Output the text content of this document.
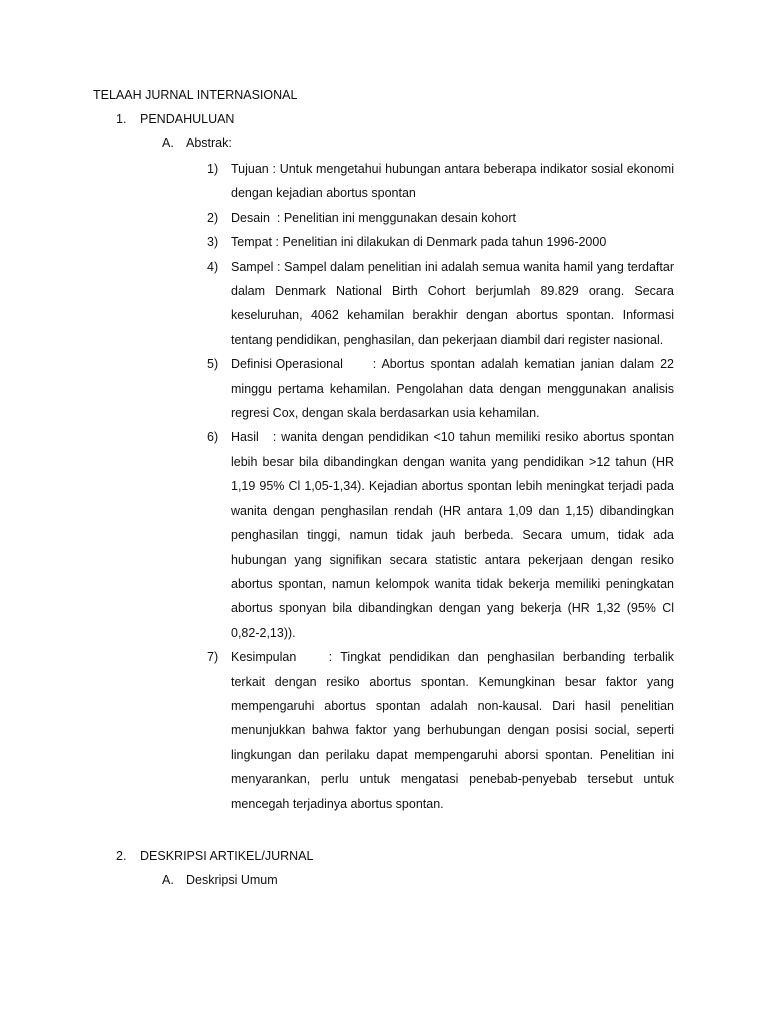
TELAAH JURNAL INTERNASIONAL
1. PENDAHULUAN
A. Abstrak:
1)	Tujuan : Untuk mengetahui hubungan antara beberapa indikator sosial ekonomi dengan kejadian abortus spontan
2)	Desain : Penelitian ini menggunakan desain kohort
3)	Tempat : Penelitian ini dilakukan di Denmark pada tahun 1996-2000
4)	Sampel : Sampel dalam penelitian ini adalah semua wanita hamil yang terdaftar dalam Denmark National Birth Cohort berjumlah 89.829 orang. Secara keseluruhan, 4062 kehamilan berakhir dengan abortus spontan. Informasi tentang pendidikan, penghasilan, dan pekerjaan diambil dari register nasional.
5)	Definisi Operasional : Abortus spontan adalah kematian janian dalam 22 minggu pertama kehamilan. Pengolahan data dengan menggunakan analisis regresi Cox, dengan skala berdasarkan usia kehamilan.
6)	Hasil : wanita dengan pendidikan <10 tahun memiliki resiko abortus spontan lebih besar bila dibandingkan dengan wanita yang pendidikan >12 tahun (HR 1,19 95% Cl 1,05-1,34). Kejadian abortus spontan lebih meningkat terjadi pada wanita dengan penghasilan rendah (HR antara 1,09 dan 1,15) dibandingkan penghasilan tinggi, namun tidak jauh berbeda. Secara umum, tidak ada hubungan yang signifikan secara statistic antara pekerjaan dengan resiko abortus spontan, namun kelompok wanita tidak bekerja memiliki peningkatan abortus sponyan bila dibandingkan dengan yang bekerja (HR 1,32 (95% Cl 0,82-2,13)).
7)	Kesimpulan	: Tingkat pendidikan dan penghasilan berbanding terbalik terkait dengan resiko abortus spontan. Kemungkinan besar faktor yang mempengaruhi abortus spontan adalah non-kausal. Dari hasil penelitian menunjukkan bahwa faktor yang berhubungan dengan posisi social, seperti lingkungan dan perilaku dapat mempengaruhi aborsi spontan. Penelitian ini menyarankan, perlu untuk mengatasi penebab-penyebab tersebut untuk mencegah terjadinya abortus spontan.
2. DESKRIPSI ARTIKEL/JURNAL
A. Deskripsi Umum
